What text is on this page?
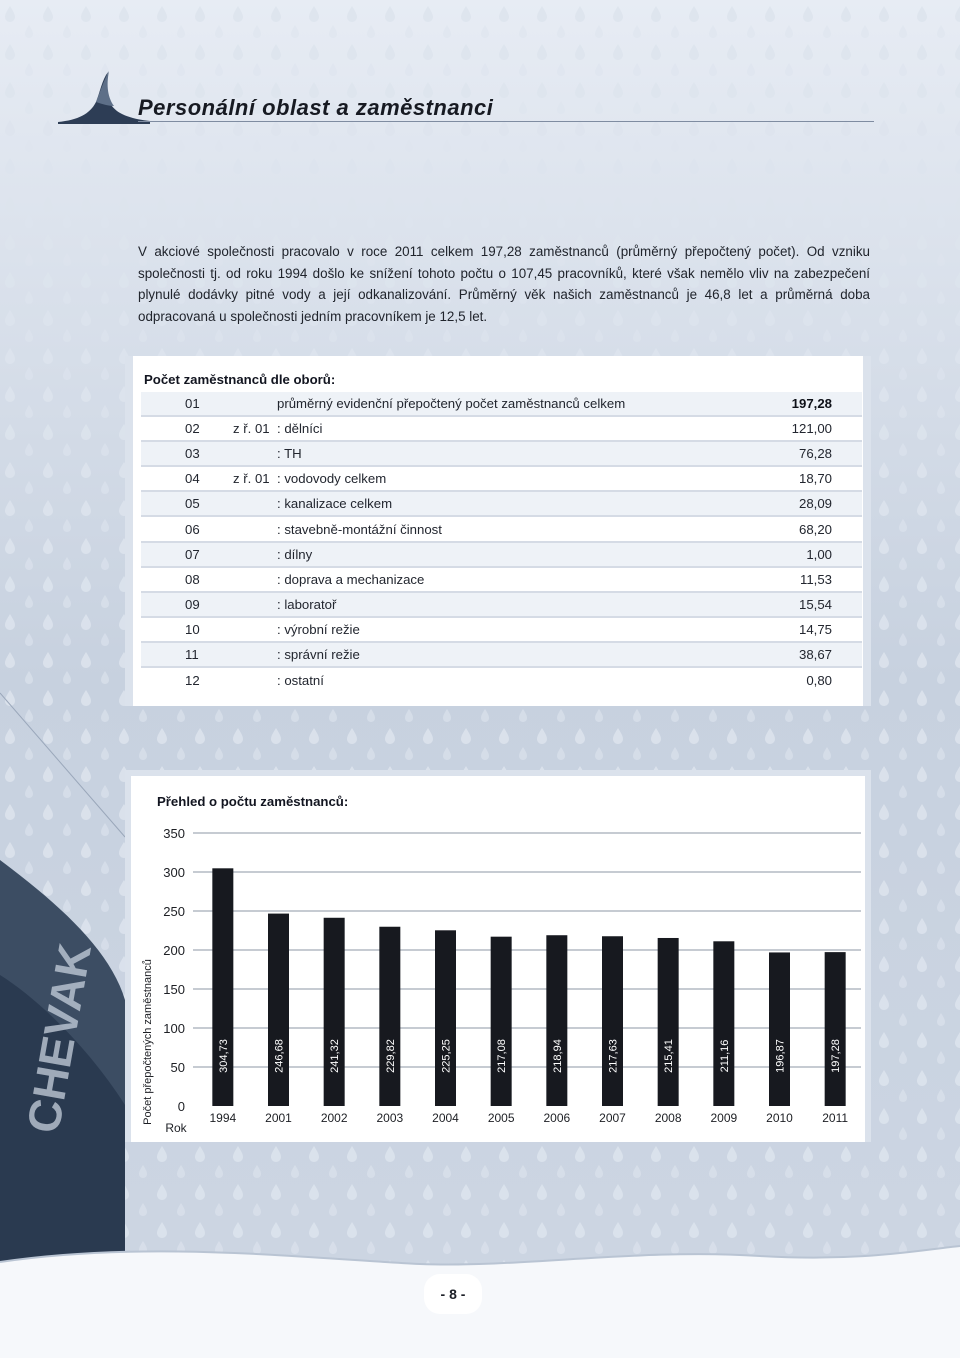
CHEVAK
Personální oblast a zaměstnanci

V akciové společnosti pracovalo v roce 2011 celkem 197,28 zaměstnanců (průměrný přepočtený počet). Od vzniku společnosti tj. od roku 1994 došlo ke snížení tohoto počtu o 107,45 pracovníků, které však nemělo vliv na zabezpečení plynulé dodávky pitné vody a její odkanalizování. Průměrný věk našich zaměstnanců je 46,8 let a průměrná doba odpracovaná u společnosti jedním pracovníkem je 12,5 let.

Počet zaměstnanců dle oborů:
01	průměrný evidenční přepočtený počet zaměstnanců celkem	197,28
02	z ř. 01 : dělníci	121,00
03	: TH	76,28
04	z ř. 01 : vodovody celkem	18,70
05	: kanalizace celkem	28,09
06	: stavebně-montážní činnost	68,20
07	: dílny	1,00
08	: doprava a mechanizace	11,53
09	: laboratoř	15,54
10	: výrobní režie	14,75
11	: správní režie	38,67
12	: ostatní	0,80
Přehled o počtu zaměstnanců:
Počet přepočtených zaměstnanců 0
50
100
150
200
250
300
350
304,73	246,68	241,32	229,82	225,25	217,08	218,94	217,63	215,41	211,16	196,87	197,28
1994 2001 2002 2003 2004 2005 2006 2007 2008 2009 2010 2011
Rok
- 8 -
